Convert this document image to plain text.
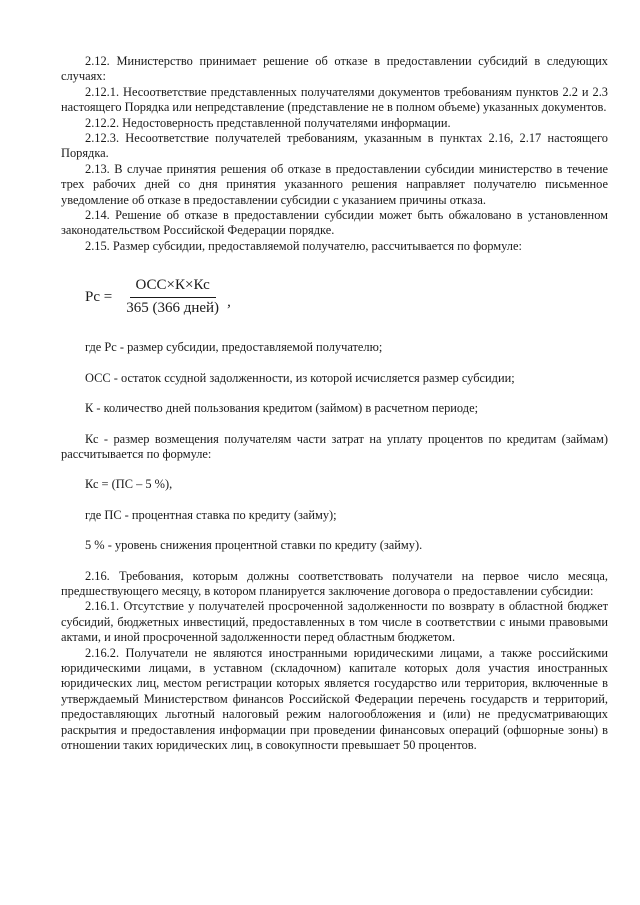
2.12. Министерство принимает решение об отказе в предоставлении субсидий в следующих случаях:

2.12.1. Несоответствие представленных получателями документов требованиям пунктов 2.2 и 2.3 настоящего Порядка или непредставление (представление не в полном объеме) указанных документов.

2.12.2. Недостоверность представленной получателями информации.

2.12.3. Несоответствие получателей требованиям, указанным в пунктах 2.16, 2.17 настоящего Порядка.

2.13. В случае принятия решения об отказе в предоставлении субсидии министерство в течение трех рабочих дней со дня принятия указанного решения направляет получателю письменное уведомление об отказе в предоставлении субсидии с указанием причины отказа.

2.14. Решение об отказе в предоставлении субсидии может быть обжаловано в установленном законодательством Российской Федерации порядке.

2.15. Размер субсидии, предоставляемой получателю, рассчитывается по формуле:

Рс = $\frac{\text{ОСС×К×Кс}}{\text{365 (366 дней)}}$ ,

где Рс - размер субсидии, предоставляемой получателю;

ОСС - остаток ссудной задолженности, из которой исчисляется размер субсидии;

К - количество дней пользования кредитом (займом) в расчетном периоде;

Кс - размер возмещения получателям части затрат на уплату процентов по кредитам (займам) рассчитывается по формуле:

Кс = (ПС – 5 %),

где ПС - процентная ставка по кредиту (займу);

5 % - уровень снижения процентной ставки по кредиту (займу).

2.16. Требования, которым должны соответствовать получатели на первое число месяца, предшествующего месяцу, в котором планируется заключение договора о предоставлении субсидии:

2.16.1. Отсутствие у получателей просроченной задолженности по возврату в областной бюджет субсидий, бюджетных инвестиций, предоставленных в том числе в соответствии с иными правовыми актами, и иной просроченной задолженности перед областным бюджетом.

2.16.2. Получатели не являются иностранными юридическими лицами, а также российскими юридическими лицами, в уставном (складочном) капитале которых доля участия иностранных юридических лиц, местом регистрации которых является государство или территория, включенные в утверждаемый Министерством финансов Российской Федерации перечень государств и территорий, предоставляющих льготный налоговый режим налогообложения и (или) не предусматривающих раскрытия и предоставления информации при проведении финансовых операций (офшорные зоны) в отношении таких юридических лиц, в совокупности превышает 50 процентов.
